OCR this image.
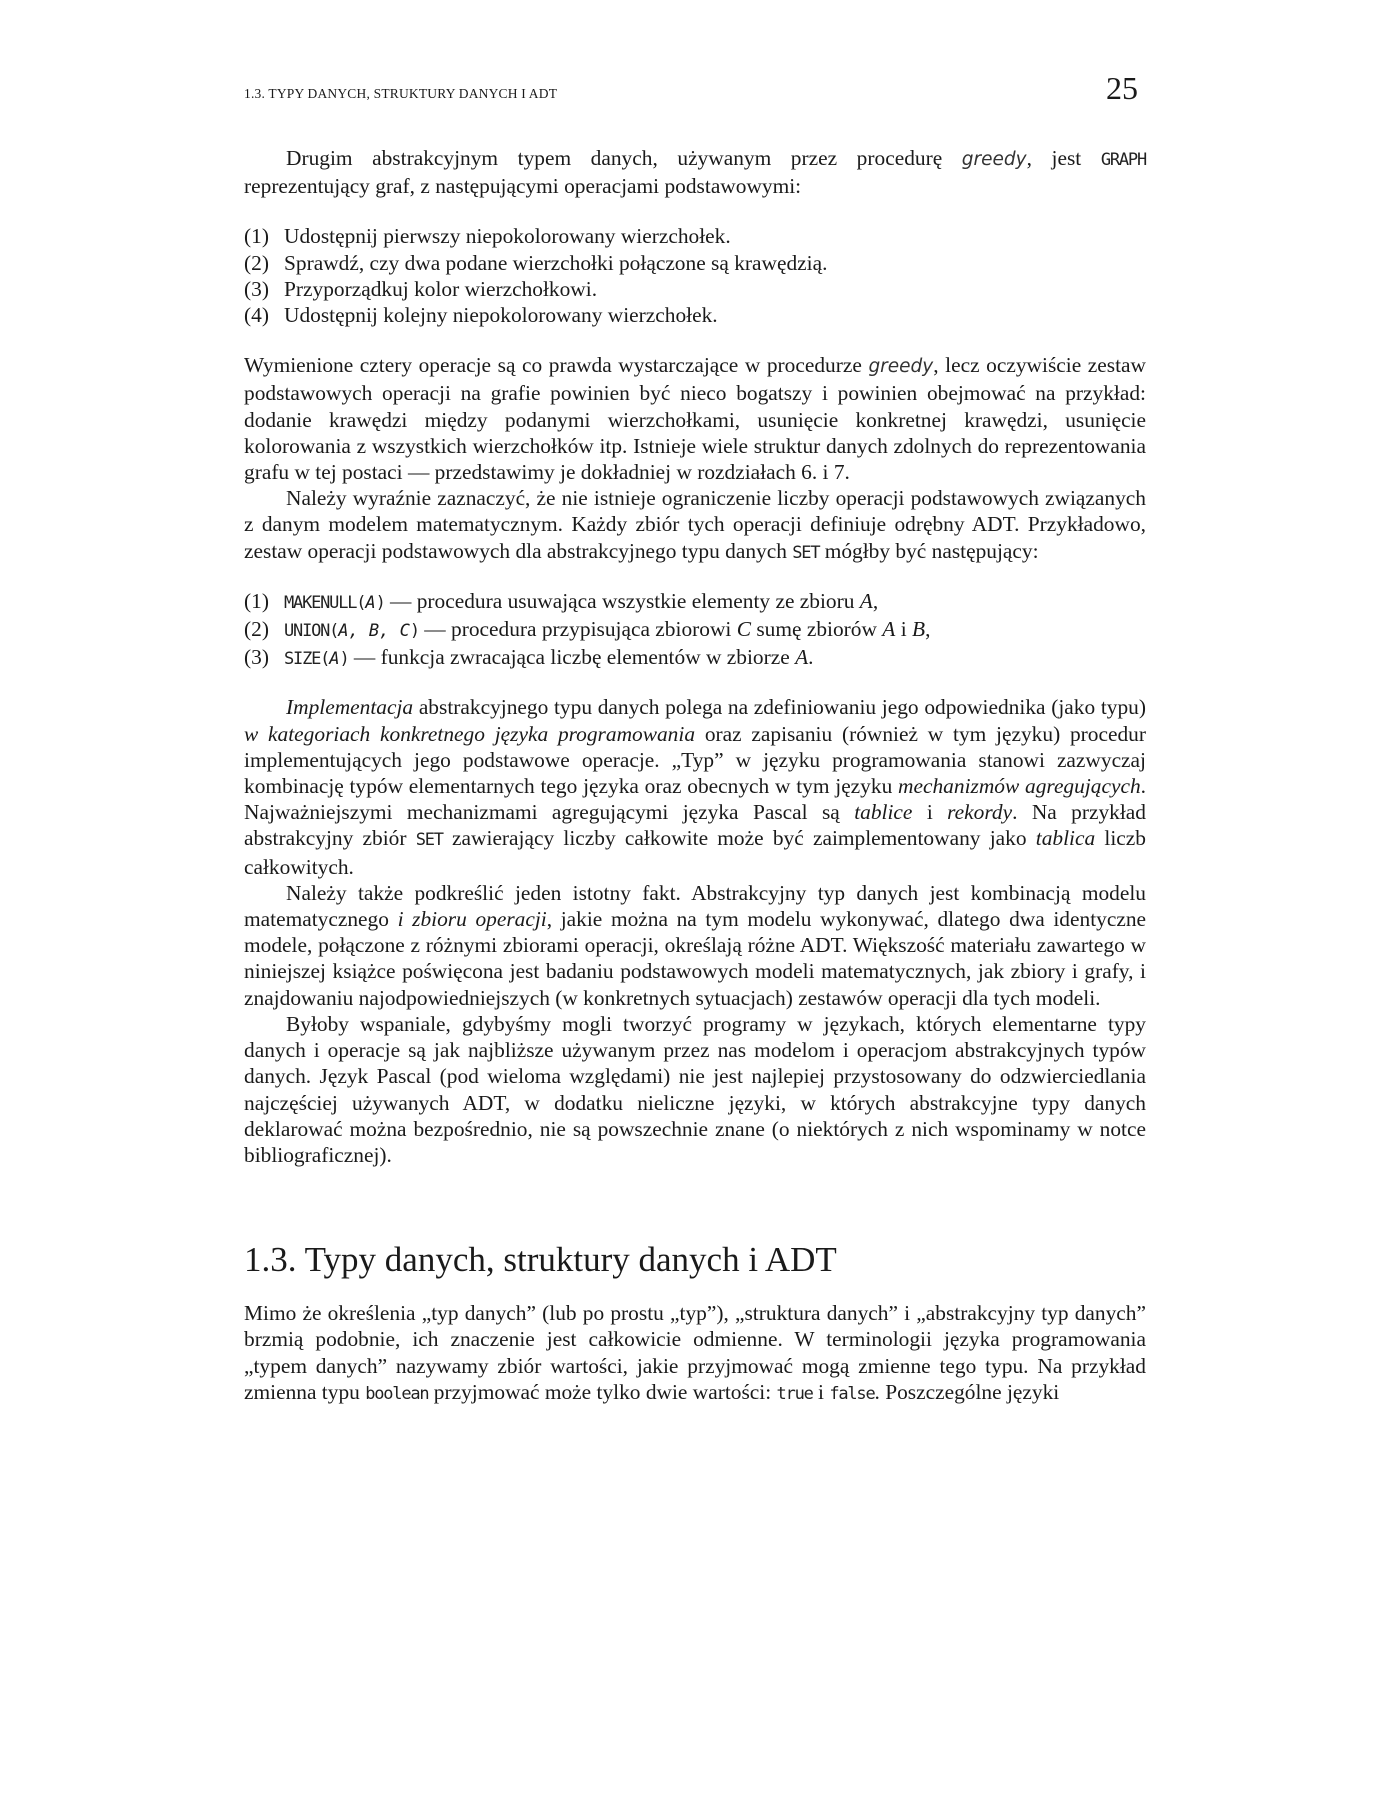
1.3. TYPY DANYCH, STRUKTURY DANYCH I ADT	25

Drugim abstrakcyjnym typem danych, używanym przez procedurę greedy, jest GRAPH reprezentujący graf, z następującymi operacjami podstawowymi:

(1) Udostępnij pierwszy niepokolorowany wierzchołek.
(2) Sprawdź, czy dwa podane wierzchołki połączone są krawędzią.
(3) Przyporządkuj kolor wierzchołkowi.
(4) Udostępnij kolejny niepokolorowany wierzchołek.

Wymienione cztery operacje są co prawda wystarczające w procedurze greedy, lecz oczywiście zestaw podstawowych operacji na grafie powinien być nieco bogatszy i powinien obejmować na przykład: dodanie krawędzi między podanymi wierzchołkami, usunięcie konkretnej krawędzi, usunięcie kolorowania z wszystkich wierzchołków itp. Istnieje wiele struktur danych zdolnych do reprezentowania grafu w tej postaci — przedstawimy je dokładniej w rozdziałach 6. i 7.

Należy wyraźnie zaznaczyć, że nie istnieje ograniczenie liczby operacji podstawowych związanych z danym modelem matematycznym. Każdy zbiór tych operacji definiuje odrębny ADT. Przykładowo, zestaw operacji podstawowych dla abstrakcyjnego typu danych SET mógłby być następujący:

(1) MAKENULL(A) — procedura usuwająca wszystkie elementy ze zbioru A,
(2) UNION(A, B, C) — procedura przypisująca zbiorowi C sumę zbiorów A i B,
(3) SIZE(A) — funkcja zwracająca liczbę elementów w zbiorze A.

Implementacja abstrakcyjnego typu danych polega na zdefiniowaniu jego odpowiednika (jako typu) w kategoriach konkretnego języka programowania oraz zapisaniu (również w tym języku) procedur implementujących jego podstawowe operacje. „Typ” w języku programowania stanowi zazwyczaj kombinację typów elementarnych tego języka oraz obecnych w tym języku mechanizmów agregujących. Najważniejszymi mechanizmami agregującymi języka Pascal są tablice i rekordy. Na przykład abstrakcyjny zbiór SET zawierający liczby całkowite może być zaimplementowany jako tablica liczb całkowitych.

Należy także podkreślić jeden istotny fakt. Abstrakcyjny typ danych jest kombinacją modelu matematycznego i zbioru operacji, jakie można na tym modelu wykonywać, dlatego dwa identyczne modele, połączone z różnymi zbiorami operacji, określają różne ADT. Większość materiału zawartego w niniejszej książce poświęcona jest badaniu podstawowych modeli matematycznych, jak zbiory i grafy, i znajdowaniu najodpowiedniejszych (w konkretnych sytuacjach) zestawów operacji dla tych modeli.

Byłoby wspaniale, gdybyśmy mogli tworzyć programy w językach, których elementarne typy danych i operacje są jak najbliższe używanym przez nas modelom i operacjom abstrakcyjnych typów danych. Język Pascal (pod wieloma względami) nie jest najlepiej przystosowany do odzwierciedlania najczęściej używanych ADT, w dodatku nieliczne języki, w których abstrakcyjne typy danych deklarować można bezpośrednio, nie są powszechnie znane (o niektórych z nich wspominamy w notce bibliograficznej).

1.3. Typy danych, struktury danych i ADT

Mimo że określenia „typ danych” (lub po prostu „typ”), „struktura danych” i „abstrakcyjny typ danych” brzmią podobnie, ich znaczenie jest całkowicie odmienne. W terminologii języka programowania „typem danych” nazywamy zbiór wartości, jakie przyjmować mogą zmienne tego typu. Na przykład zmienna typu boolean przyjmować może tylko dwie wartości: true i false. Poszczególne języki
